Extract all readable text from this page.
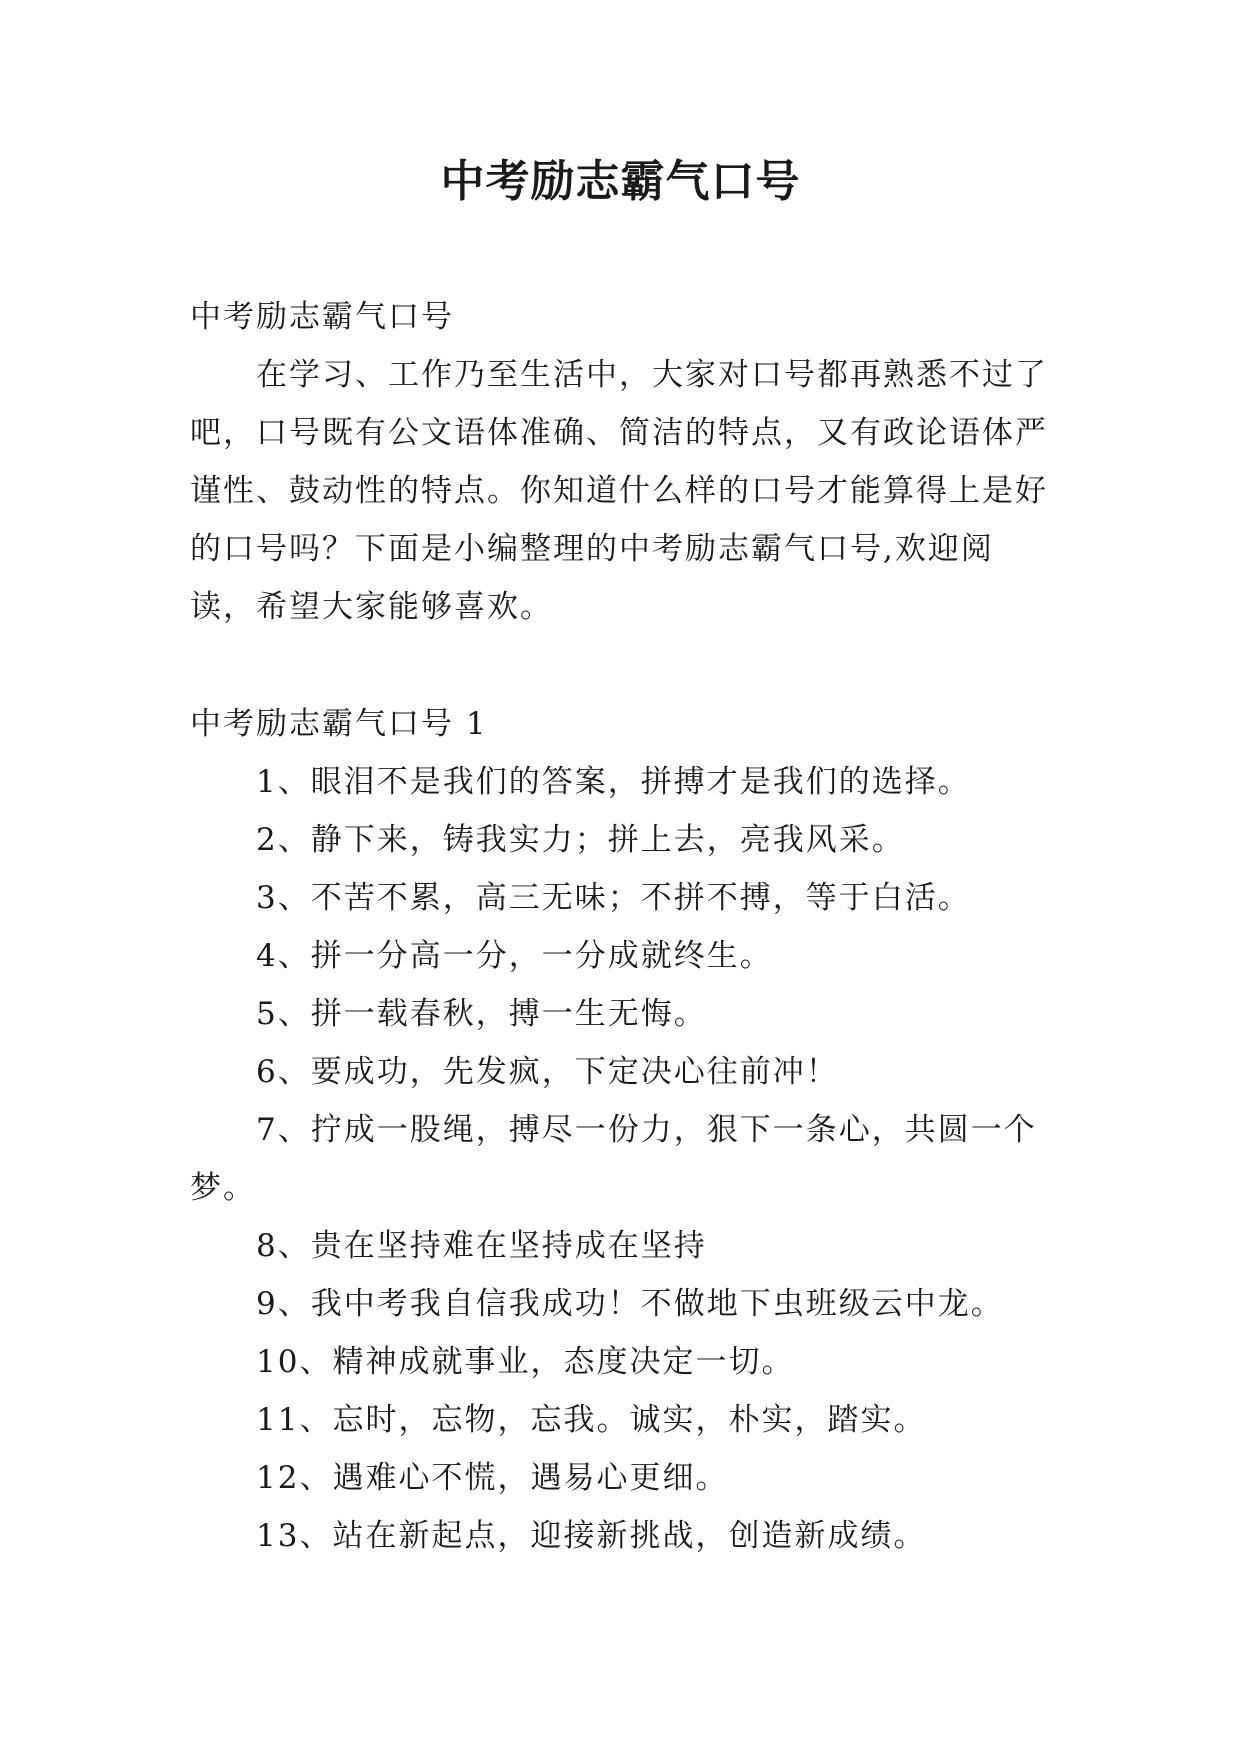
中考励志霸气口号
中考励志霸气口号

在学习、工作乃至生活中，大家对口号都再熟悉不过了吧，口号既有公文语体准确、简洁的特点，又有政论语体严谨性、鼓动性的特点。你知道什么样的口号才能算得上是好的口号吗？下面是小编整理的中考励志霸气口号,欢迎阅读，希望大家能够喜欢。

中考励志霸气口号 1
1、眼泪不是我们的答案，拼搏才是我们的选择。
2、静下来，铸我实力；拼上去，亮我风采。
3、不苦不累，高三无味；不拼不搏，等于白活。
4、拼一分高一分，一分成就终生。
5、拼一载春秋，搏一生无悔。
6、要成功，先发疯，下定决心往前冲！
7、拧成一股绳，搏尽一份力，狠下一条心，共圆一个梦。
8、贵在坚持难在坚持成在坚持
9、我中考我自信我成功！不做地下虫班级云中龙。
10、精神成就事业，态度决定一切。
11、忘时，忘物，忘我。诚实，朴实，踏实。
12、遇难心不慌，遇易心更细。
13、站在新起点，迎接新挑战，创造新成绩。
